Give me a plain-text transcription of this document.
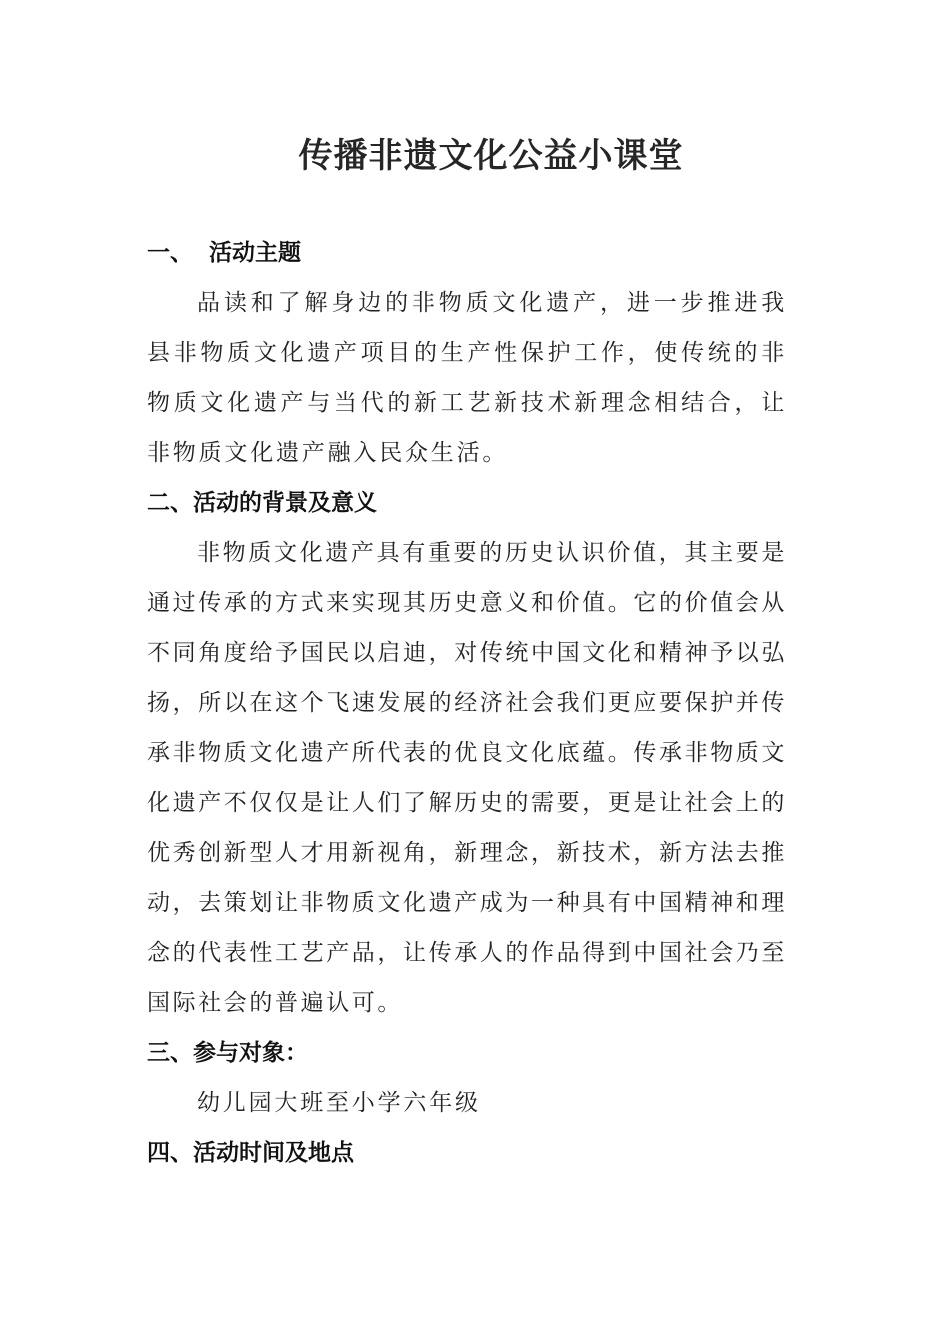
传播非遗文化公益小课堂
一、 活动主题

品读和了解身边的非物质文化遗产，进一步推进我县非物质文化遗产项目的生产性保护工作，使传统的非物质文化遗产与当代的新工艺新技术新理念相结合，让非物质文化遗产融入民众生活。

二、活动的背景及意义

非物质文化遗产具有重要的历史认识价值，其主要是通过传承的方式来实现其历史意义和价值。它的价值会从不同角度给予国民以启迪，对传统中国文化和精神予以弘扬，所以在这个飞速发展的经济社会我们更应要保护并传承非物质文化遗产所代表的优良文化底蕴。传承非物质文化遗产不仅仅是让人们了解历史的需要，更是让社会上的优秀创新型人才用新视角，新理念，新技术，新方法去推动，去策划让非物质文化遗产成为一种具有中国精神和理念的代表性工艺产品，让传承人的作品得到中国社会乃至国际社会的普遍认可。

三、参与对象：

幼儿园大班至小学六年级

四、活动时间及地点
